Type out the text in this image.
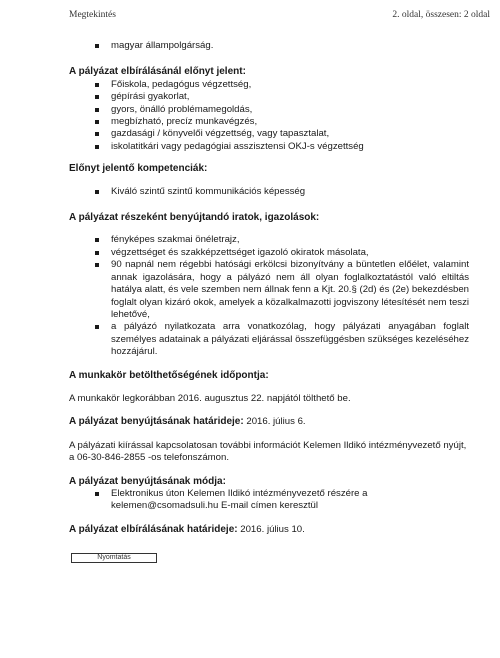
Megtekintés	2. oldal, összesen: 2 oldal
magyar állampolgárság.

A pályázat elbírálásánál előnyt jelent:

Főiskola, pedagógus végzettség,
gépírási gyakorlat,
gyors, önálló problémamegoldás,
megbízható, precíz munkavégzés,
gazdasági / könyvelői végzettség, vagy tapasztalat,
iskolatitkári vagy pedagógiai asszisztensi OKJ-s végzettség

Előnyt jelentő kompetenciák:

Kiváló szintű szintű kommunikációs képesség

A pályázat részeként benyújtandó iratok, igazolások:

fényképes szakmai önéletrajz,
végzettséget és szakképzettséget igazoló okiratok másolata,
90 napnál nem régebbi hatósági erkölcsi bizonyítvány a büntetlen előélet, valamint annak igazolására, hogy a pályázó nem áll olyan foglalkoztatástól való eltiltás hatálya alatt, és vele szemben nem állnak fenn a Kjt. 20.§ (2d) és (2e) bekezdésben foglalt olyan kizáró okok, amelyek a közalkalmazotti jogviszony létesítését nem teszi lehetővé,
a pályázó nyilatkozata arra vonatkozólag, hogy pályázati anyagában foglalt személyes adatainak a pályázati eljárással összefüggésben szükséges kezeléséhez hozzájárul.

A munkakör betölthetőségének időpontja:

A munkakör legkorábban 2016. augusztus 22. napjától tölthető be.

A pályázat benyújtásának határideje: 2016. július 6.

A pályázati kiírással kapcsolatosan további információt Kelemen Ildikó intézményvezető nyújt, a 06-30-846-2855 -os telefonszámon.

A pályázat benyújtásának módja:

Elektronikus úton Kelemen Ildikó intézményvezető részére a kelemen@csomadsuli.hu E-mail címen keresztül

A pályázat elbírálásának határideje: 2016. július 10.

Nyomtatás
